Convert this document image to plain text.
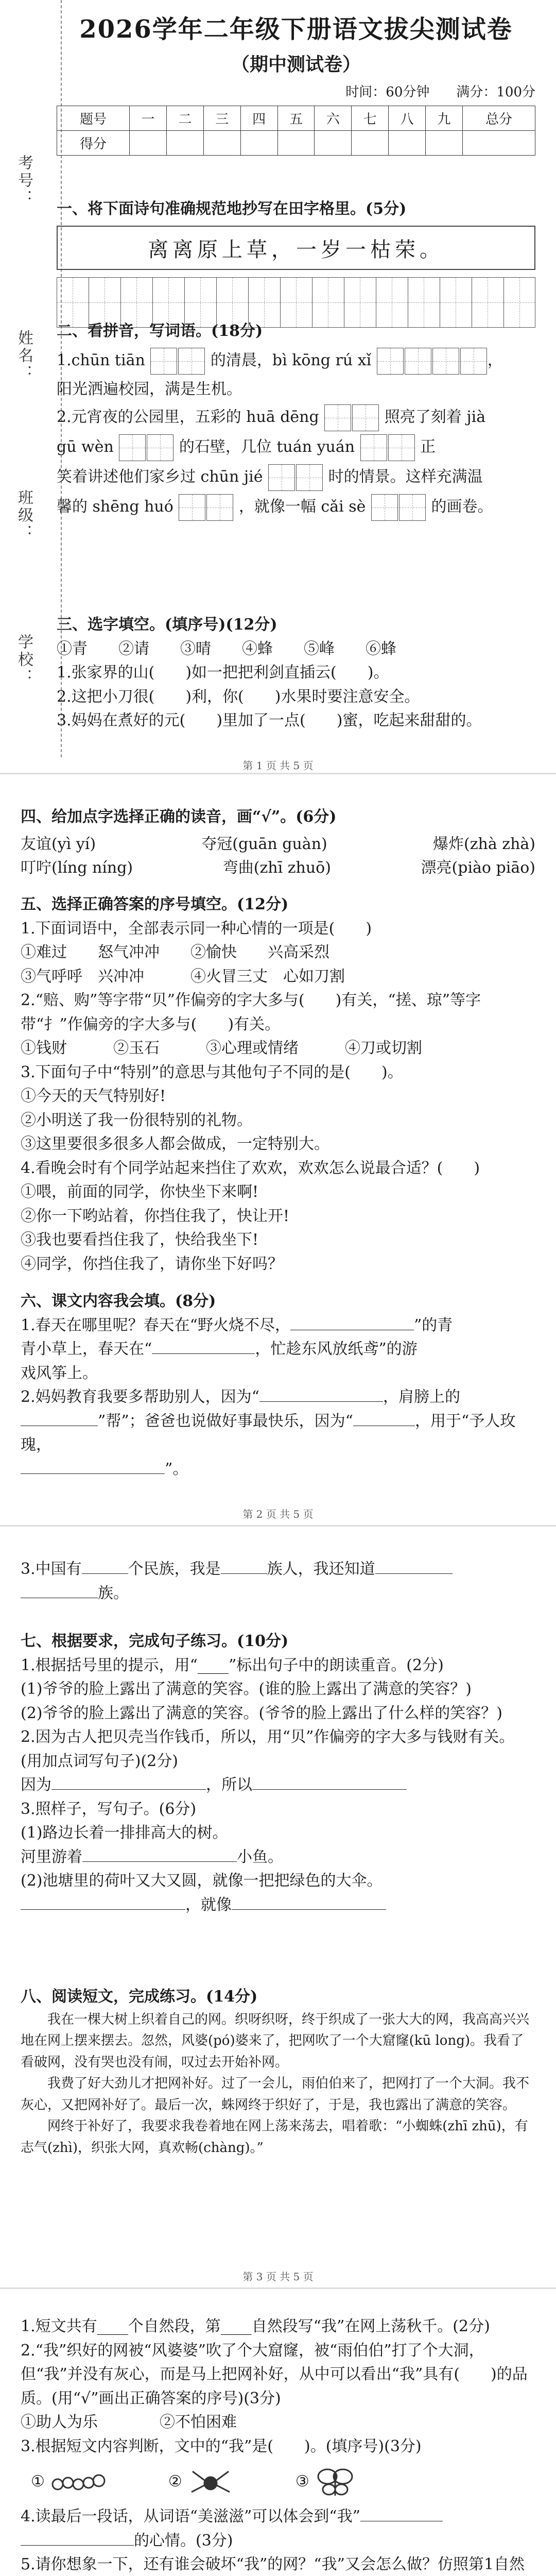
考号：
姓名：
班级：
学校：
2026学年二年级下册语文拔尖测试卷
（期中测试卷）
时间：60分钟　　满分：100分
题号	一	二	三	四	五	六	七	八	九	总分
得分										
一、将下面诗句准确规范地抄写在田字格里。(5分)
离离原上草，一岁一枯荣。
二、看拼音，写词语。(18分)
1.chūn tiān	的清晨，bì kōng rú xǐ	，
阳光洒遍校园，满是生机。
2.元宵夜的公园里，五彩的 huā dēng	照亮了刻着 jià
gū wèn	的石壁，几位 tuán yuán	正
笑着讲述他们家乡过 chūn jié	时的情景。这样充满温
馨的 shēng huó	，就像一幅 cǎi sè	的画卷。
三、选字填空。(填序号)(12分)
①青　　②请　　③晴　　④蜂　　⑤峰　　⑥蜂
1.张家界的山(　　)如一把把利剑直插云(　　)。
2.这把小刀很(　　)利，你(　　)水果时要注意安全。
3.妈妈在煮好的元(　　)里加了一点(　　)蜜，吃起来甜甜的。
第 1 页 共 5 页
四、给加点字选择正确的读音，画“√”。(6分)
友谊(yì yí)	夺冠(guān guàn)	爆炸(zhà zhà)
叮咛(líng níng)	弯曲(zhī zhuō)	漂亮(piào piāo)
五、选择正确答案的序号填空。(12分)
1.下面词语中，全部表示同一种心情的一项是(　　)
①难过　　怒气冲冲　　②愉快　　兴高采烈
③气呼呼　兴冲冲　　　④火冒三丈　心如刀割
2.“赔、购”等字带“贝”作偏旁的字大多与(　　)有关，“搓、琼”等字带“扌”作偏旁的字大多与(　　)有关。
①钱财　　　②玉石　　　③心理或情绪　　　④刀或切割
3.下面句子中“特别”的意思与其他句子不同的是(　　)。
①今天的天气特别好!
②小明送了我一份很特别的礼物。
③这里要很多很多人都会做成，一定特别大。
4.看晚会时有个同学站起来挡住了欢欢，欢欢怎么说最合适？(　　)
①喂，前面的同学，你快坐下来啊!
②你一下哟站着，你挡住我了，快让开!
③我也要看挡住我了，快给我坐下!
④同学，你挡住我了，请你坐下好吗？
六、课文内容我会填。(8分)
1.春天在哪里呢？春天在“野火烧不尽，	”的青
青小草上，春天在“	，忙趁东风放纸鸢”的游
戏风筝上。
2.妈妈教育我要多帮助别人，因为“	，肩膀上的
”帮”；爸爸也说做好事最快乐，因为“	，用于“予人玫瑰，
”。
第 2 页 共 5 页
3.中国有	个民族，我是	族人，我还知道
族。
七、根据要求，完成句子练习。(10分)
1.根据括号里的提示，用“____”标出句子中的朗读重音。(2分)
(1)爷爷的脸上露出了满意的笑容。(谁的脸上露出了满意的笑容？)
(2)爷爷的脸上露出了满意的笑容。(爷爷的脸上露出了什么样的笑容？)
2.因为古人把贝壳当作钱币，所以，用“贝”作偏旁的字大多与钱财有关。(用加点词写句子)(2分)
因为	，所以
3.照样子，写句子。(6分)
(1)路边长着一排排高大的树。
河里游着	小鱼。
(2)池塘里的荷叶又大又圆，就像一把把绿色的大伞。
，就像
八、阅读短文，完成练习。(14分)
我在一棵大树上织着自己的网。织呀织呀，终于织成了一张大大的网，我高高兴兴地在网上摆来摆去。忽然，风婆(pó)婆来了，把网吹了一个大窟窿(kū long)。我看了看破网，没有哭也没有闹，叹过去开始补网。
我费了好大劲儿才把网补好。过了一会儿，雨伯伯来了，把网打了一个大洞。我不灰心，又把网补好了。最后一次，蛛网终于织好了，于是，我也露出了满意的笑容。
网终于补好了，我要求我卷着地在网上荡来荡去，唱着歌：“小蜘蛛(zhī zhū)，有志气(zhì)，织张大网，真欢畅(chàng)。”
第 3 页 共 5 页
1.短文共有____个自然段，第____自然段写“我”在网上荡秋千。(2分)
2.“我”织好的网被“风婆婆”吹了个大窟窿，被“雨伯伯”打了个大洞，但“我”并没有灰心，而是马上把网补好，从中可以看出“我”具有(　　)的品质。(用“√”画出正确答案的序号)(3分)
①助人为乐　　　　②不怕困难
3.根据短文内容判断，文中的“我”是(　　)。(填序号)(3分)
①	②	③
4.读最后一段话，从词语“美滋滋”可以体会到“我”
的心情。(3分)
5.请你想象一下，还有谁会破坏“我”的网？“我”又会怎么做？仿照第1自然
